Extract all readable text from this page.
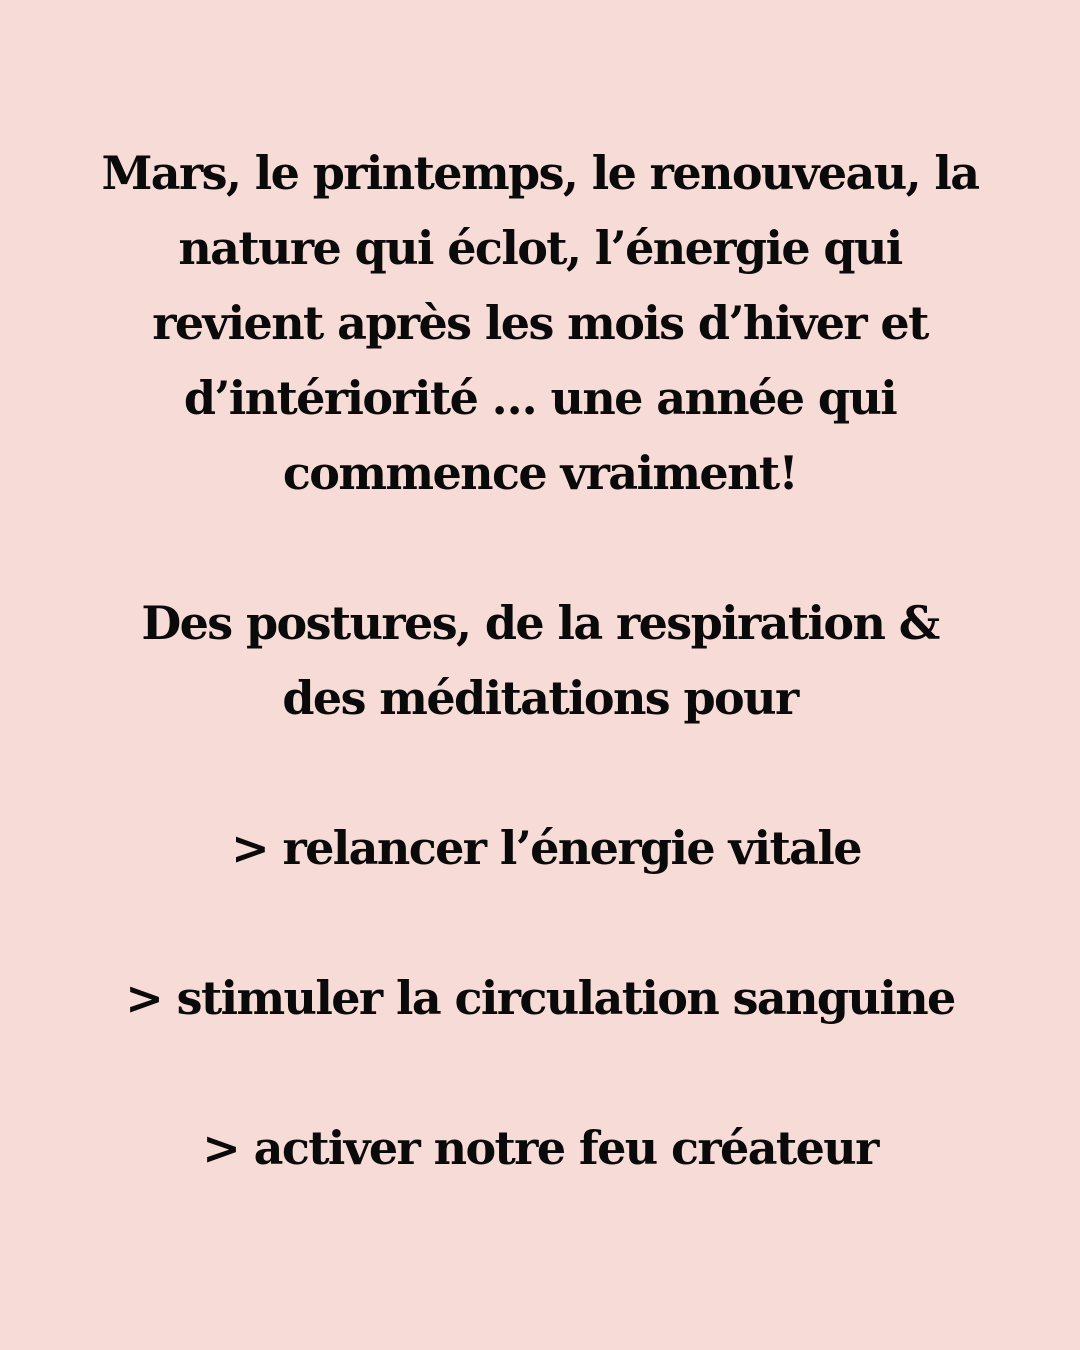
Mars, le printemps, le renouveau, la
nature qui éclot, l’énergie qui
revient après les mois d’hiver et
d’intériorité … une année qui
commence vraiment!

Des postures, de la respiration &
des méditations pour

> relancer l’énergie vitale

> stimuler la circulation sanguine

> activer notre feu créateur
